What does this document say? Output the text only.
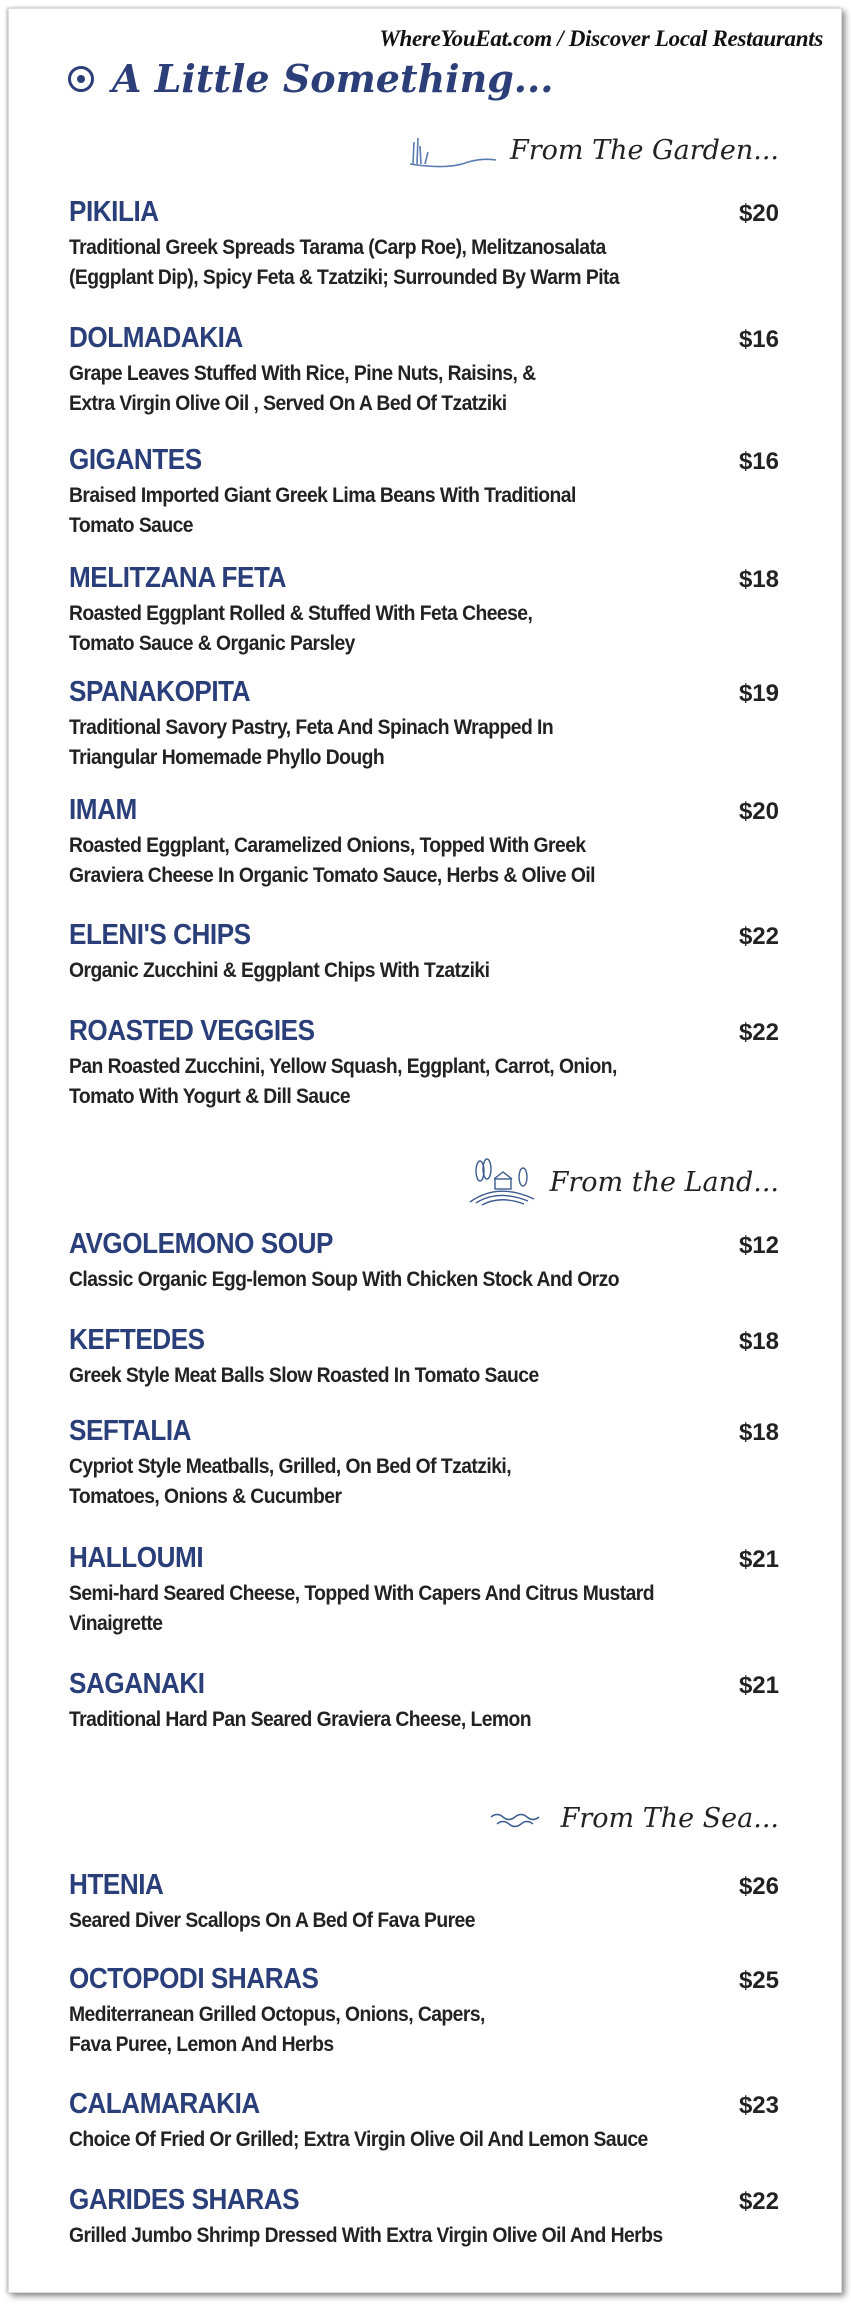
WhereYouEat.com / Discover Local Restaurants
A Little Something...
From The Garden...
From the Land...
From The Sea...
PIKILIA	$20
Traditional Greek Spreads Tarama (Carp Roe), Melitzanosalata
(Eggplant Dip), Spicy Feta & Tzatziki; Surrounded By Warm Pita
DOLMADAKIA	$16
Grape Leaves Stuffed With Rice, Pine Nuts, Raisins, &
Extra Virgin Olive Oil , Served On A Bed Of Tzatziki
GIGANTES	$16
Braised Imported Giant Greek Lima Beans With Traditional
Tomato Sauce
MELITZANA FETA	$18
Roasted Eggplant Rolled & Stuffed With Feta Cheese,
Tomato Sauce & Organic Parsley
SPANAKOPITA	$19
Traditional Savory Pastry, Feta And Spinach Wrapped In
Triangular Homemade Phyllo Dough
IMAM	$20
Roasted Eggplant, Caramelized Onions, Topped With Greek
Graviera Cheese In Organic Tomato Sauce, Herbs & Olive Oil
ELENI'S CHIPS	$22
Organic Zucchini & Eggplant Chips With Tzatziki
ROASTED VEGGIES	$22
Pan Roasted Zucchini, Yellow Squash, Eggplant, Carrot, Onion,
Tomato With Yogurt & Dill Sauce
AVGOLEMONO SOUP	$12
Classic Organic Egg-lemon Soup With Chicken Stock And Orzo
KEFTEDES	$18
Greek Style Meat Balls Slow Roasted In Tomato Sauce
SEFTALIA	$18
Cypriot Style Meatballs, Grilled, On Bed Of Tzatziki,
Tomatoes, Onions & Cucumber
HALLOUMI	$21
Semi-hard Seared Cheese, Topped With Capers And Citrus Mustard
Vinaigrette
SAGANAKI	$21
Traditional Hard Pan Seared Graviera Cheese, Lemon
HTENIA	$26
Seared Diver Scallops On A Bed Of Fava Puree
OCTOPODI SHARAS	$25
Mediterranean Grilled Octopus, Onions, Capers,
Fava Puree, Lemon And Herbs
CALAMARAKIA	$23
Choice Of Fried Or Grilled; Extra Virgin Olive Oil And Lemon Sauce
GARIDES SHARAS	$22
Grilled Jumbo Shrimp Dressed With Extra Virgin Olive Oil And Herbs
